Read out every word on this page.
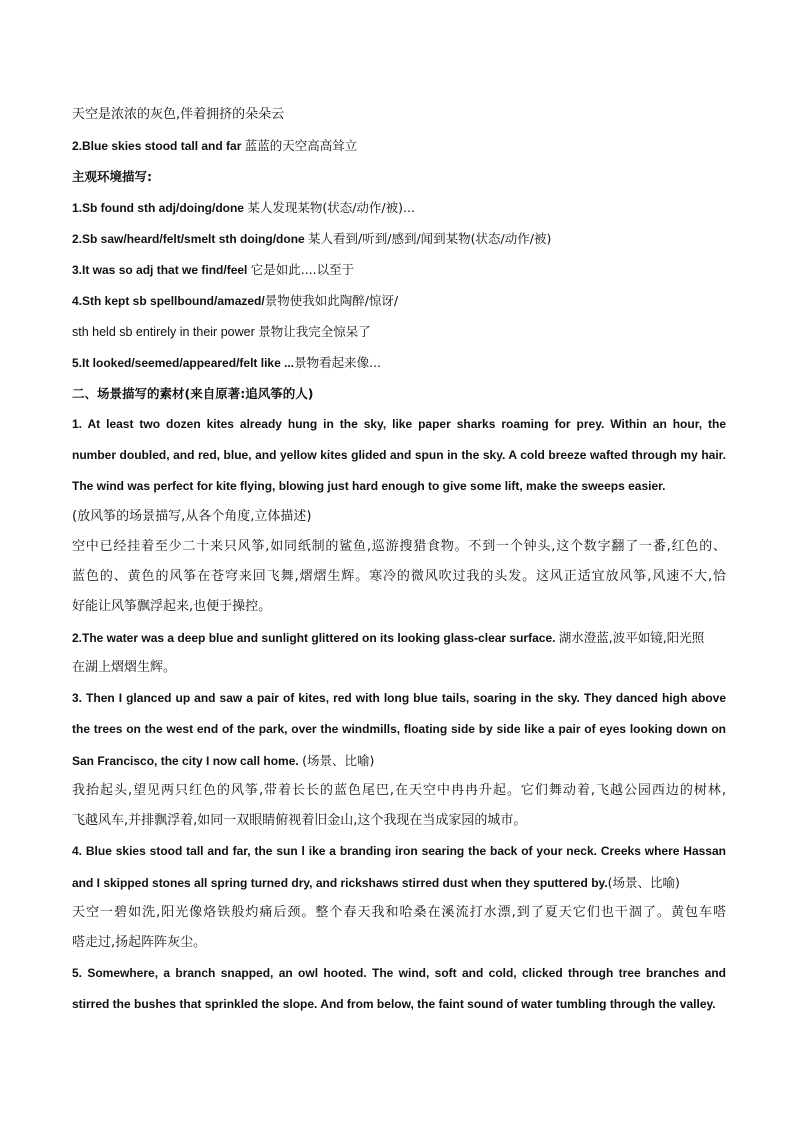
天空是浓浓的灰色,伴着拥挤的朵朵云
2.Blue skies stood tall and far 蓝蓝的天空高高耸立
主观环境描写:
1.Sb found sth adj/doing/done 某人发现某物(状态/动作/被)...
2.Sb saw/heard/felt/smelt sth doing/done 某人看到/听到/感到/闻到某物(状态/动作/被)
3.It was so adj that we find/feel 它是如此....以至于
4.Sth kept sb spellbound/amazed/景物使我如此陶醉/惊讶/
sth held sb entirely in their power 景物让我完全惊呆了
5.It looked/seemed/appeared/felt like ...景物看起来像...
二、场景描写的素材(来自原著:追风筝的人)
1. At least two dozen kites already hung in the sky, like paper sharks roaming for prey. Within an hour, the
number doubled, and red, blue, and yellow kites glided and spun in the sky. A cold breeze wafted through my hair.
The wind was perfect for kite flying, blowing just hard enough to give some lift, make the sweeps easier.
(放风筝的场景描写,从各个角度,立体描述)
空中已经挂着至少二十来只风筝,如同纸制的鲨鱼,巡游搜猎食物。不到一个钟头,这个数字翻了一番,红色的、
蓝色的、黄色的风筝在苍穹来回飞舞,熠熠生辉。寒冷的微风吹过我的头发。这风正适宜放风筝,风速不大,恰
好能让风筝飘浮起来,也便于操控。
2.The water was a deep blue and sunlight glittered on its looking glass-clear surface. 湖水澄蓝,波平如镜,阳光照
在湖上熠熠生辉。
3. Then I glanced up and saw a pair of kites, red with long blue tails, soaring in the sky. They danced high above
the trees on the west end of the park, over the windmills, floating side by side like a pair of eyes looking down on
San Francisco, the city I now call home. (场景、比喻)
我抬起头,望见两只红色的风筝,带着长长的蓝色尾巴,在天空中冉冉升起。它们舞动着,飞越公园西边的树林,
飞越风车,并排飘浮着,如同一双眼睛俯视着旧金山,这个我现在当成家园的城市。
4. Blue skies stood tall and far, the sun l ike a branding iron searing the back of your neck. Creeks where Hassan
and I skipped stones all spring turned dry, and rickshaws stirred dust when they sputtered by.(场景、比喻)
天空一碧如洗,阳光像烙铁般灼痛后颈。整个春天我和哈桑在溪流打水漂,到了夏天它们也干涸了。黄包车嗒
嗒走过,扬起阵阵灰尘。
5. Somewhere, a branch snapped, an owl hooted. The wind, soft and cold, clicked through tree branches and
stirred the bushes that sprinkled the slope. And from below, the faint sound of water tumbling through the valley.
